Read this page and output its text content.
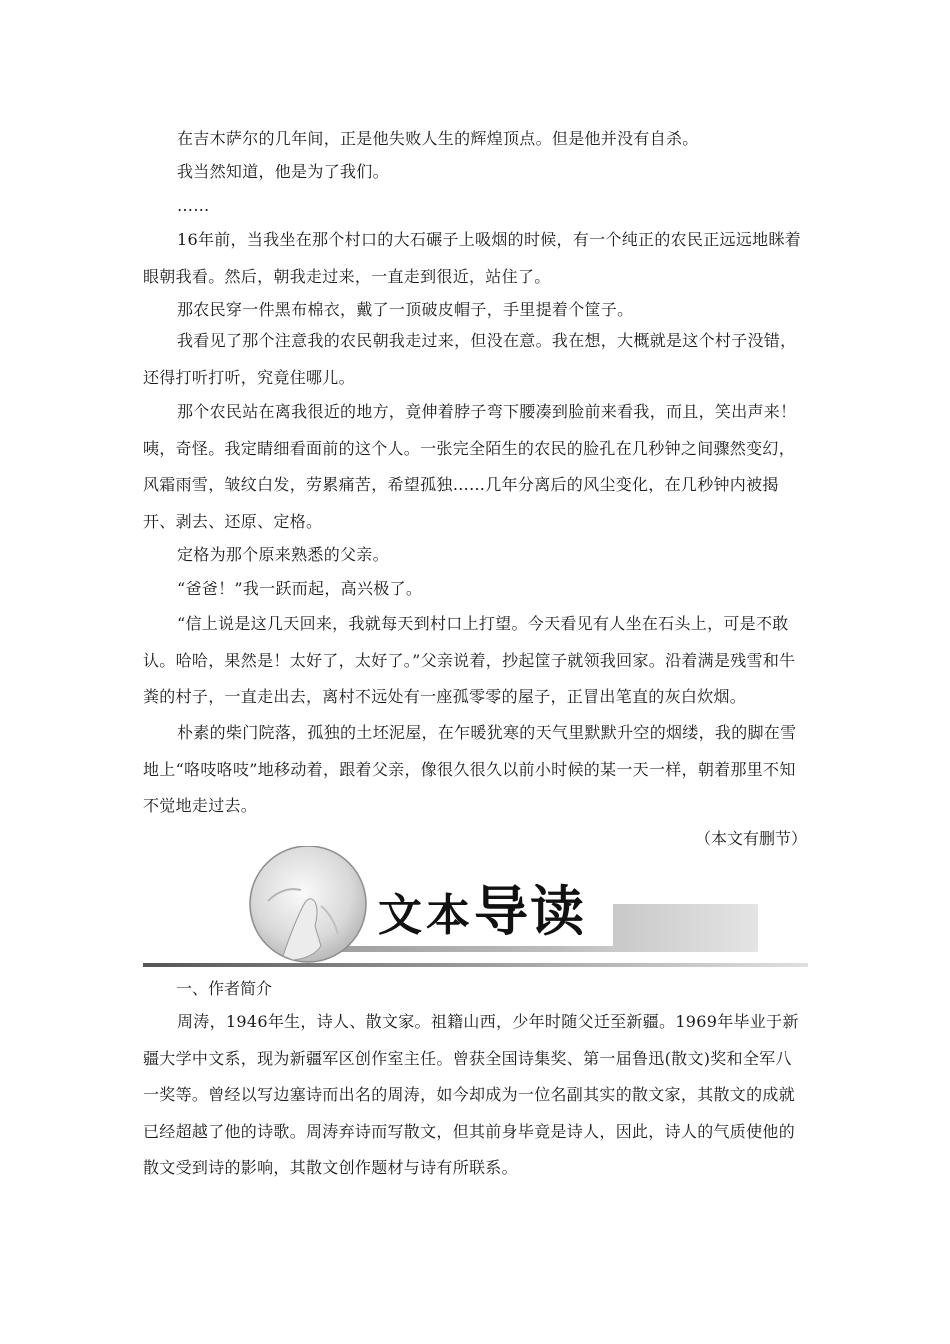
在吉木萨尔的几年间，正是他失败人生的辉煌顶点。但是他并没有自杀。

我当然知道，他是为了我们。

……

16年前，当我坐在那个村口的大石碾子上吸烟的时候，有一个纯正的农民正远远地眯着眼朝我看。然后，朝我走过来，一直走到很近，站住了。

那农民穿一件黑布棉衣，戴了一顶破皮帽子，手里提着个筐子。

我看见了那个注意我的农民朝我走过来，但没在意。我在想，大概就是这个村子没错，还得打听打听，究竟住哪儿。

那个农民站在离我很近的地方，竟伸着脖子弯下腰凑到脸前来看我，而且，笑出声来！咦，奇怪。我定睛细看面前的这个人。一张完全陌生的农民的脸孔在几秒钟之间骤然变幻，风霜雨雪，皱纹白发，劳累痛苦，希望孤独……几年分离后的风尘变化，在几秒钟内被揭开、剥去、还原、定格。

定格为那个原来熟悉的父亲。

“爸爸！”我一跃而起，高兴极了。

“信上说是这几天回来，我就每天到村口上打望。今天看见有人坐在石头上，可是不敢认。哈哈，果然是！太好了，太好了。”父亲说着，抄起筐子就领我回家。沿着满是残雪和牛粪的村子，一直走出去，离村不远处有一座孤零零的屋子，正冒出笔直的灰白炊烟。

朴素的柴门院落，孤独的土坯泥屋，在乍暖犹寒的天气里默默升空的烟缕，我的脚在雪地上“咯吱咯吱”地移动着，跟着父亲，像很久很久以前小时候的某一天一样，朝着那里不知不觉地走过去。

（本文有删节）
文本 导读
一、作者简介

周涛，1946年生，诗人、散文家。祖籍山西，少年时随父迁至新疆。1969年毕业于新疆大学中文系，现为新疆军区创作室主任。曾获全国诗集奖、第一届鲁迅(散文)奖和全军八一奖等。曾经以写边塞诗而出名的周涛，如今却成为一位名副其实的散文家，其散文的成就已经超越了他的诗歌。周涛弃诗而写散文，但其前身毕竟是诗人，因此，诗人的气质使他的散文受到诗的影响，其散文创作题材与诗有所联系。
